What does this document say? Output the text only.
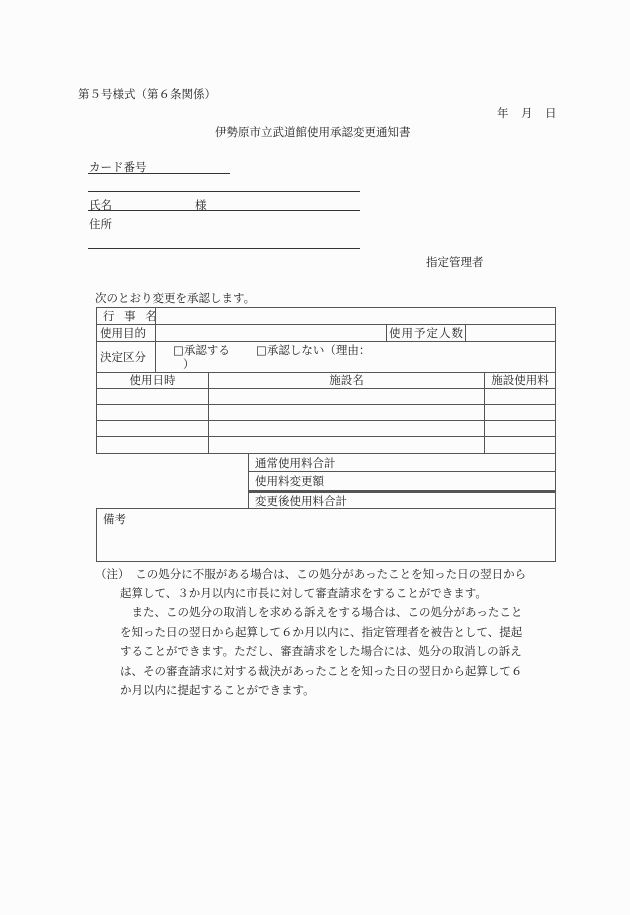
第５号様式（第６条関係）
年 月 日
伊勢原市立武道館使用承認変更通知書
カード番号
氏名	様
住所
指定管理者
次のとおり変更を承認します。
行 事 名
使用目的	使用予定人数
決定区分 □承認する □承認しない（理由：
）
使用日時	施設名	施設使用料
通常使用料合計
使用料変更額
変更後使用料合計
備考

（注）　この処分に不服がある場合は、この処分があったことを知った日の翌日から

起算して、３か月以内に市長に対して審査請求をすることができます。

　また、この処分の取消しを求める訴えをする場合は、この処分があったこと

を知った日の翌日から起算して６か月以内に、指定管理者を被告として、提起

することができます。ただし、審査請求をした場合には、処分の取消しの訴え

は、その審査請求に対する裁決があったことを知った日の翌日から起算して６

か月以内に提起することができます。
